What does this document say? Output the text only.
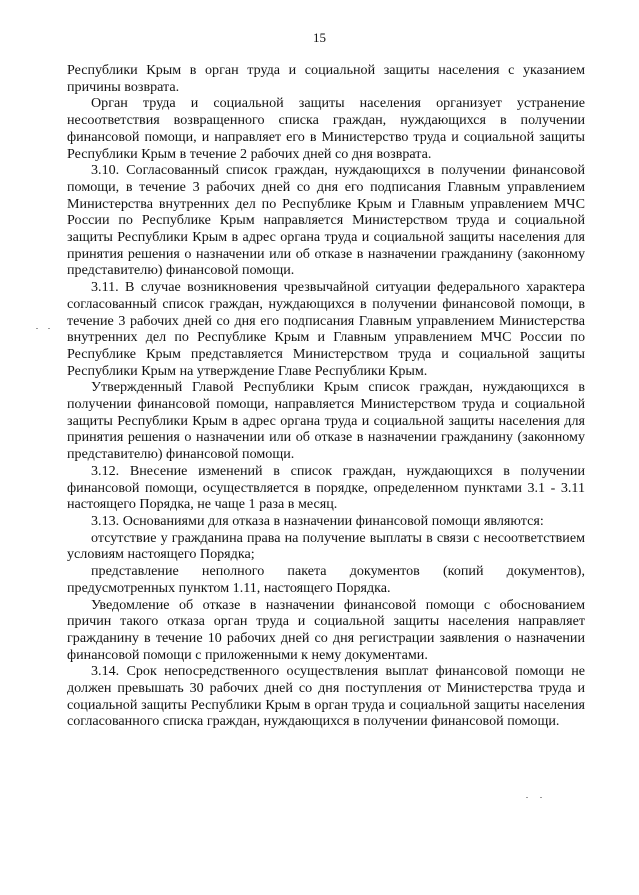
15

Республики Крым в орган труда и социальной защиты населения с указанием причины возврата.

Орган труда и социальной защиты населения организует устранение несоответствия возвращенного списка граждан, нуждающихся в получении финансовой помощи, и направляет его в Министерство труда и социальной защиты Республики Крым в течение 2 рабочих дней со дня возврата.

3.10. Согласованный список граждан, нуждающихся в получении финансовой помощи, в течение 3 рабочих дней со дня его подписания Главным управлением Министерства внутренних дел по Республике Крым и Главным управлением МЧС России по Республике Крым направляется Министерством труда и социальной защиты Республики Крым в адрес органа труда и социальной защиты населения для принятия решения о назначении или об отказе в назначении гражданину (законному представителю) финансовой помощи.

3.11. В случае возникновения чрезвычайной ситуации федерального характера согласованный список граждан, нуждающихся в получении финансовой помощи, в течение 3 рабочих дней со дня его подписания Главным управлением Министерства внутренних дел по Республике Крым и Главным управлением МЧС России по Республике Крым представляется Министерством труда и социальной защиты Республики Крым на утверждение Главе Республики Крым.

Утвержденный Главой Республики Крым список граждан, нуждающихся в получении финансовой помощи, направляется Министерством труда и социальной защиты Республики Крым в адрес органа труда и социальной защиты населения для принятия решения о назначении или об отказе в назначении гражданину (законному представителю) финансовой помощи.

3.12. Внесение изменений в список граждан, нуждающихся в получении финансовой помощи, осуществляется в порядке, определенном пунктами 3.1 - 3.11 настоящего Порядка, не чаще 1 раза в месяц.

3.13. Основаниями для отказа в назначении финансовой помощи являются:

отсутствие у гражданина права на получение выплаты в связи с несоответствием условиям настоящего Порядка;

представление неполного пакета документов (копий документов), предусмотренных пунктом 1.11, настоящего Порядка.

Уведомление об отказе в назначении финансовой помощи с обоснованием причин такого отказа орган труда и социальной защиты населения направляет гражданину в течение 10 рабочих дней со дня регистрации заявления о назначении финансовой помощи с приложенными к нему документами.

3.14. Срок непосредственного осуществления выплат финансовой помощи не должен превышать 30 рабочих дней со дня поступления от Министерства труда и социальной защиты Республики Крым в орган труда и социальной защиты населения согласованного списка граждан, нуждающихся в получении финансовой помощи.
